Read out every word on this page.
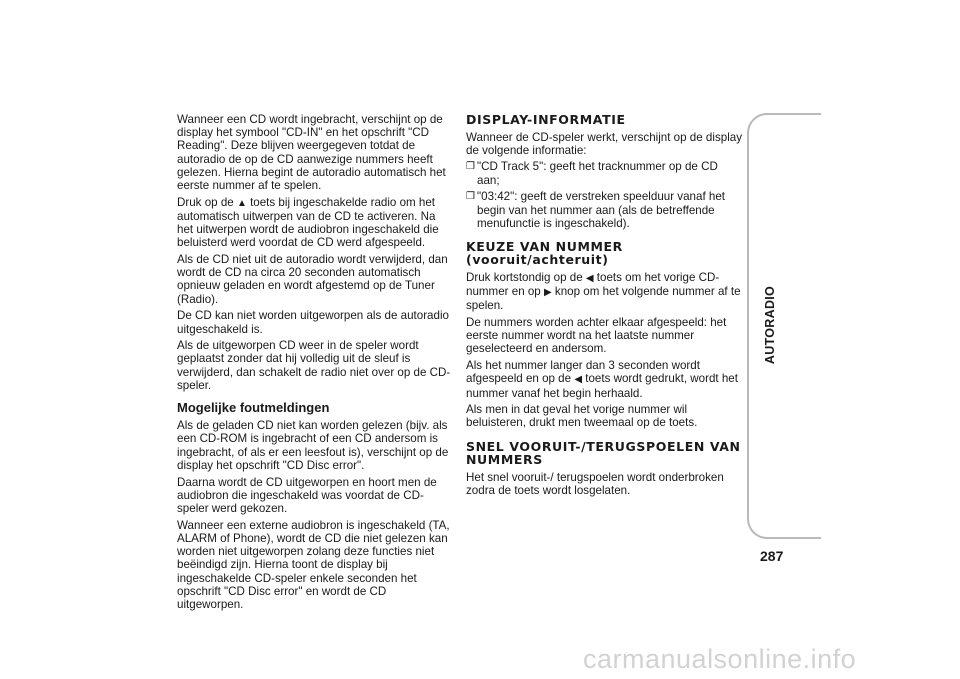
Wanneer een CD wordt ingebracht, verschijnt op de display het symbool "CD-IN" en het opschrift "CD Reading". Deze blijven weergegeven totdat de autoradio de op de CD aanwezige nummers heeft gelezen. Hierna begint de autoradio automatisch het eerste nummer af te spelen.

Druk op de ▲ toets bij ingeschakelde radio om het automatisch uitwerpen van de CD te activeren. Na het uitwerpen wordt de audiobron ingeschakeld die beluisterd werd voordat de CD werd afgespeeld.

Als de CD niet uit de autoradio wordt verwijderd, dan wordt de CD na circa 20 seconden automatisch opnieuw geladen en wordt afgestemd op de Tuner (Radio).

De CD kan niet worden uitgeworpen als de autoradio uitgeschakeld is.

Als de uitgeworpen CD weer in de speler wordt geplaatst zonder dat hij volledig uit de sleuf is verwijderd, dan schakelt de radio niet over op de CD-speler.

Mogelijke foutmeldingen

Als de geladen CD niet kan worden gelezen (bijv. als een CD-ROM is ingebracht of een CD andersom is ingebracht, of als er een leesfout is), verschijnt op de display het opschrift "CD Disc error".

Daarna wordt de CD uitgeworpen en hoort men de audiobron die ingeschakeld was voordat de CD-speler werd gekozen.

Wanneer een externe audiobron is ingeschakeld (TA, ALARM of Phone), wordt de CD die niet gelezen kan worden niet uitgeworpen zolang deze functies niet beëindigd zijn. Hierna toont de display bij ingeschakelde CD-speler enkele seconden het opschrift "CD Disc error" en wordt de CD uitgeworpen.

DISPLAY-INFORMATIE

Wanneer de CD-speler werkt, verschijnt op de display de volgende informatie:

❒ "CD Track 5": geeft het tracknummer op de CD aan;
❒ "03:42": geeft de verstreken speelduur vanaf het begin van het nummer aan (als de betreffende menufunctie is ingeschakeld).
KEUZE VAN NUMMER (vooruit/achteruit)

Druk kortstondig op de ◀ toets om het vorige CD-nummer en op ▶ knop om het volgende nummer af te spelen.

De nummers worden achter elkaar afgespeeld: het eerste nummer wordt na het laatste nummer geselecteerd en andersom.

Als het nummer langer dan 3 seconden wordt afgespeeld en op de ◀ toets wordt gedrukt, wordt het nummer vanaf het begin herhaald.

Als men in dat geval het vorige nummer wil beluisteren, drukt men tweemaal op de toets.

SNEL VOORUIT-/TERUGSPOELEN VAN NUMMERS

Het snel vooruit-/ terugspoelen wordt onderbroken zodra de toets wordt losgelaten.

AUTORADIO
287
carmanualsonline.info
